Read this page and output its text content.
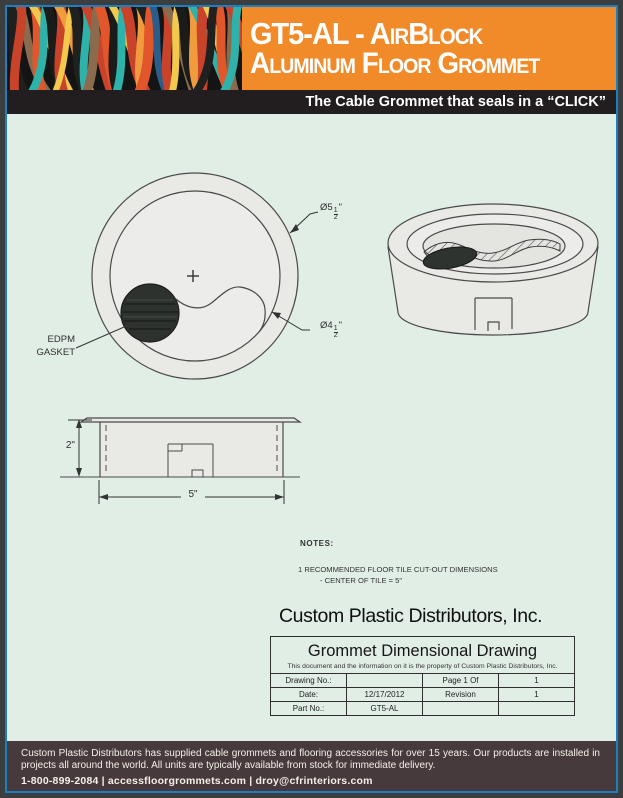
GT5-AL - AirBlock
Aluminum Floor Grommet
The Cable Grommet that seals in a “CLICK”
Ø5
$\frac{1}{2}$
"
Ø4
$\frac{1}{2}$
"
EDPM
GASKET
2"
5"
NOTES:
1 RECOMMENDED FLOOR TILE CUT-OUT DIMENSIONS
- CENTER OF TILE = 5"
Custom Plastic Distributors, Inc.
Grommet Dimensional Drawing
This document and the information on it is the property of Custom Plastic Distributors, Inc.			

Drawing No.:		Page 1 Of	1
Date:	12/17/2012	Revision	1
Part No.:	GT5-AL		
Custom Plastic Distributors has supplied cable grommets and flooring accessories for over 15 years. Our products are installed in projects all around the world. All units are typically available from stock for immediate delivery.
1-800-899-2084 | accessfloorgrommets.com | droy@cfrinteriors.com
